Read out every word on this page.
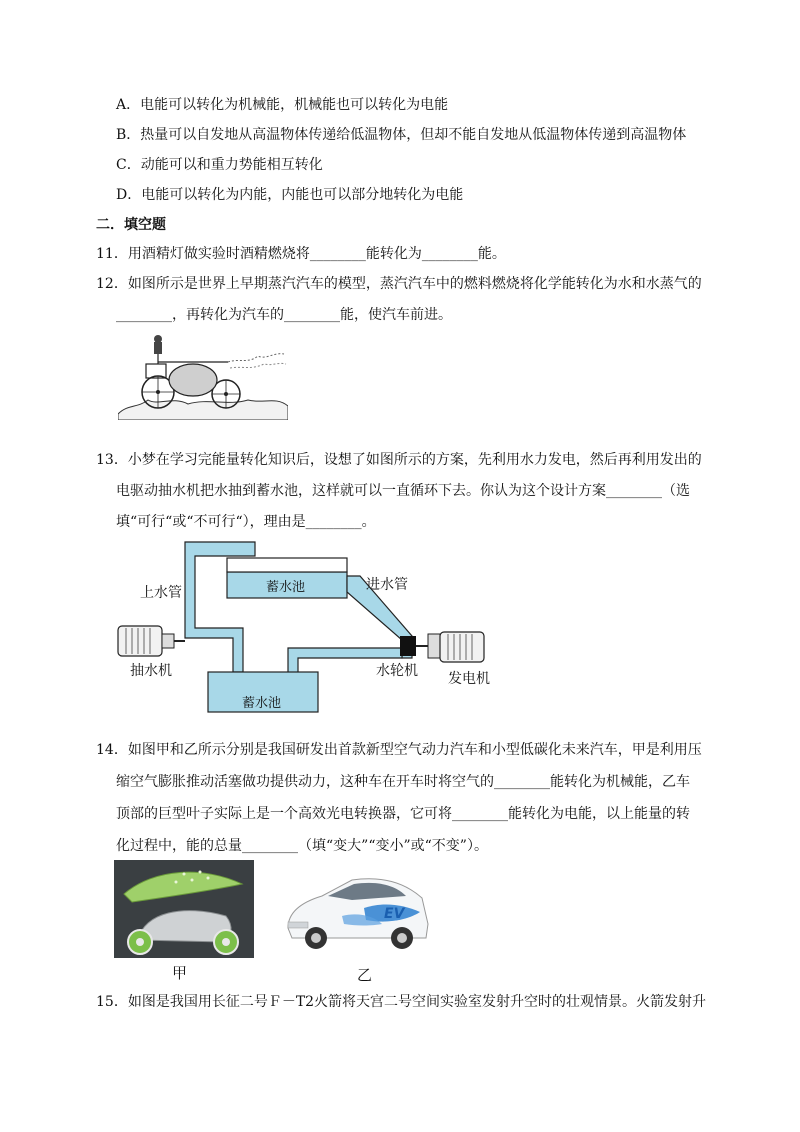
A．电能可以转化为机械能，机械能也可以转化为电能
B．热量可以自发地从高温物体传递给低温物体，但却不能自发地从低温物体传递到高温物体
C．动能可以和重力势能相互转化
D．电能可以转化为内能，内能也可以部分地转化为电能
二．填空题
11．用酒精灯做实验时酒精燃烧将________能转化为________能。
12．如图所示是世界上早期蒸汽汽车的模型，蒸汽汽车中的燃料燃烧将化学能转化为水和水蒸气的
________，再转化为汽车的________能，使汽车前进。
13．小梦在学习完能量转化知识后，设想了如图所示的方案，先利用水力发电，然后再利用发出的
电驱动抽水机把水抽到蓄水池，这样就可以一直循环下去。你认为这个设计方案________（选
填“可行“或“不可行“），理由是________。
上水管	蓄水池	进水管
抽水机	水轮机 发电机
蓄水池
14．如图甲和乙所示分别是我国研发出首款新型空气动力汽车和小型低碳化未来汽车，甲是利用压
缩空气膨胀推动活塞做功提供动力，这种车在开车时将空气的________能转化为机械能，乙车
顶部的巨型叶子实际上是一个高效光电转换器，它可将________能转化为电能，以上能量的转
化过程中，能的总量________（填“变大”“变小”或“不变”）。
甲
EV
乙
15．如图是我国用长征二号Ｆ－T2火箭将天宫二号空间实验室发射升空时的壮观情景。火箭发射升
